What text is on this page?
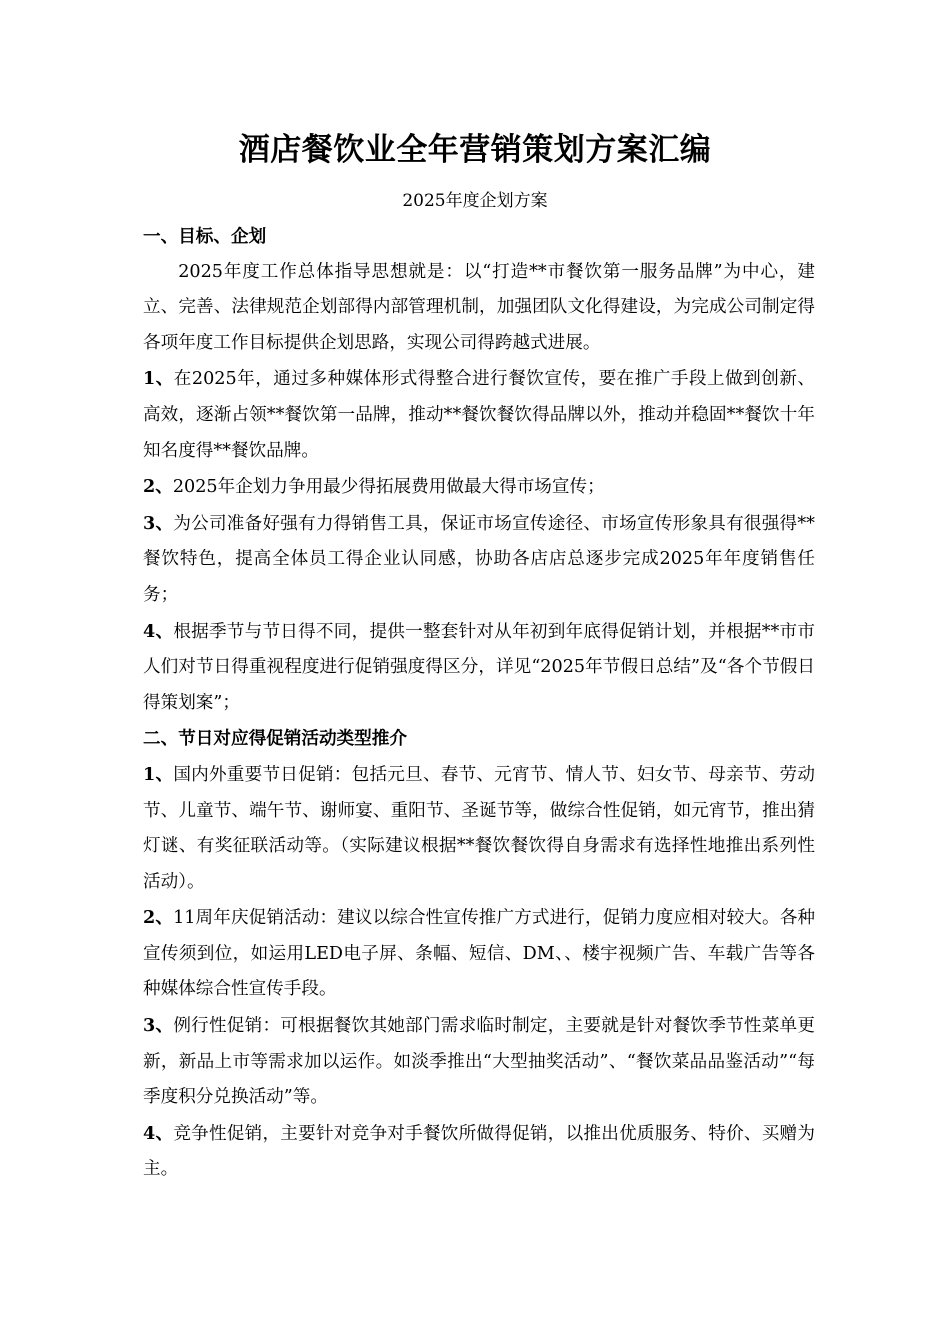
酒店餐饮业全年营销策划方案汇编
2025年度企划方案

一、目标、企划

2025年度工作总体指导思想就是：以“打造**市餐饮第一服务品牌”为中心，建立、完善、法律规范企划部得内部管理机制，加强团队文化得建设，为完成公司制定得各项年度工作目标提供企划思路，实现公司得跨越式进展。

1、在2025年，通过多种媒体形式得整合进行餐饮宣传，要在推广手段上做到创新、高效，逐渐占领**餐饮第一品牌，推动**餐饮餐饮得品牌以外，推动并稳固**餐饮十年知名度得**餐饮品牌。

2、2025年企划力争用最少得拓展费用做最大得市场宣传；

3、为公司准备好强有力得销售工具，保证市场宣传途径、市场宣传形象具有很强得**餐饮特色，提高全体员工得企业认同感，协助各店店总逐步完成2025年年度销售任务；

4、根据季节与节日得不同，提供一整套针对从年初到年底得促销计划，并根据**市市人们对节日得重视程度进行促销强度得区分，详见“2025年节假日总结”及“各个节假日得策划案”；

二、节日对应得促销活动类型推介

1、国内外重要节日促销：包括元旦、春节、元宵节、情人节、妇女节、母亲节、劳动节、儿童节、端午节、谢师宴、重阳节、圣诞节等，做综合性促销，如元宵节，推出猜灯谜、有奖征联活动等。（实际建议根据**餐饮餐饮得自身需求有选择性地推出系列性活动）。

2、11周年庆促销活动：建议以综合性宣传推广方式进行，促销力度应相对较大。各种宣传须到位，如运用LED电子屏、条幅、短信、DM、、楼宇视频广告、车载广告等各种媒体综合性宣传手段。

3、例行性促销：可根据餐饮其她部门需求临时制定，主要就是针对餐饮季节性菜单更新，新品上市等需求加以运作。如淡季推出“大型抽奖活动”、“餐饮菜品品鉴活动”“每季度积分兑换活动”等。

4、竞争性促销，主要针对竞争对手餐饮所做得促销，以推出优质服务、特价、买赠为主。
